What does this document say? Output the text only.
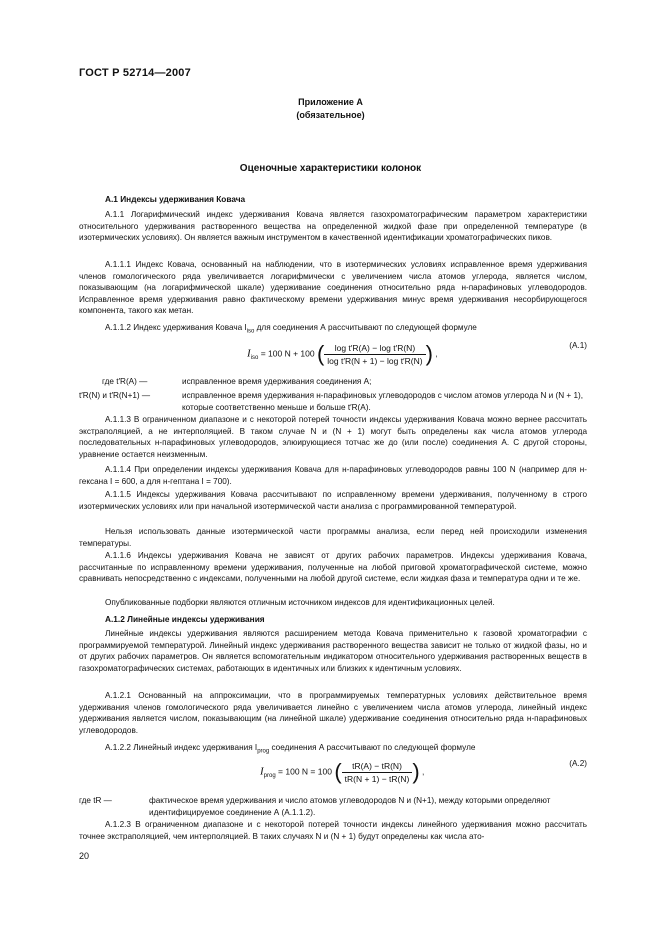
ГОСТ Р 52714—2007
Приложение А
(обязательное)
Оценочные характеристики колонок
А.1 Индексы удерживания Ковача

А.1.1 Логарифмический индекс удерживания Ковача является газохроматографическим параметром характеристики относительного удерживания растворенного вещества на определенной жидкой фазе при определенной температуре (в изотермических условиях). Он является важным инструментом в качественной идентификации хроматографических пиков.

А.1.1.1 Индекс Ковача, основанный на наблюдении, что в изотермических условиях исправленное время удерживания членов гомологического ряда увеличивается логарифмически с увеличением числа атомов углерода, является числом, показывающим (на логарифмической шкале) удерживание соединения относительно ряда н-парафиновых углеводородов. Исправленное время удерживания равно фактическому времени удерживания минус время удерживания несорбирующегося компонента, такого как метан.

А.1.1.2 Индекс удерживания Ковача $I_{iso}$ для соединения А рассчитывают по следующей формуле

$I_{iso} = 100$ N + 100 ( $\frac{\text{log t′R(A) − log t′R(N)}}{\text{log t′R(N + 1) − log t′R(N)}}$ ) ,
(А.1)
где t′R(A) —	исправленное время удерживания соединения А;
t′R(N) и t′R(N+1) —	исправленное время удерживания н-парафиновых углеводородов с числом атомов углерода N и (N + 1), которые соответственно меньше и больше t′R(A).

А.1.1.3 В ограниченном диапазоне и с некоторой потерей точности индексы удерживания Ковача можно вернее рассчитать экстраполяцией, а не интерполяцией. В таком случае N и (N + 1) могут быть определены как числа атомов углерода последовательных н-парафиновых углеводородов, элюирующиеся тотчас же до (или после) соединения А. С другой стороны, уравнение остается неизменным.

А.1.1.4 При определении индексы удерживания Ковача для н-парафиновых углеводородов равны 100 N (например для н-гексана I = 600, а для н-гептана I = 700).

А.1.1.5 Индексы удерживания Ковача рассчитывают по исправленному времени удерживания, полученному в строго изотермических условиях или при начальной изотермической части анализа с программированной температурой.

Нельзя использовать данные изотермической части программы анализа, если перед ней происходили изменения температуры.

А.1.1.6 Индексы удерживания Ковача не зависят от других рабочих параметров. Индексы удерживания Ковача, рассчитанные по исправленному времени удерживания, полученные на любой приговой хроматографической системе, можно сравнивать непосредственно с индексами, полученными на любой другой системе, если жидкая фаза и температура одни и те же.

Опубликованные подборки являются отличным источником индексов для идентификационных целей.

А.1.2 Линейные индексы удерживания

Линейные индексы удерживания являются расширением метода Ковача применительно к газовой хроматографии с программируемой температурой. Линейный индекс удерживания растворенного вещества зависит не только от жидкой фазы, но и от других рабочих параметров. Он является вспомогательным индикатором относительного удерживания растворенных веществ в газохроматографических системах, работающих в идентичных или близких к идентичным условиях.

А.1.2.1 Основанный на аппроксимации, что в программируемых температурных условиях действительное время удерживания членов гомологического ряда увеличивается линейно с увеличением числа атомов углерода, линейный индекс удерживания является числом, показывающим (на линейной шкале) удерживание соединения относительно ряда н-парафиновых углеводородов.

А.1.2.2 Линейный индекс удерживания $I_{prog}$ соединения А рассчитывают по следующей формуле

$I_{prog} = 100$ N = 100 ( $\frac{tR(A) - tR(N)}{tR(N + 1) - tR(N)}$ ) ,
(А.2)
где tR —	фактическое время удерживания и число атомов углеводородов N и (N+1), между которыми определяют идентифицируемое соединение А (А.1.1.2).

А.1.2.3 В ограниченном диапазоне и с некоторой потерей точности индексы линейного удерживания можно рассчитать точнее экстраполяцией, чем интерполяцией. В таких случаях N и (N + 1) будут определены как числа ато-

20
